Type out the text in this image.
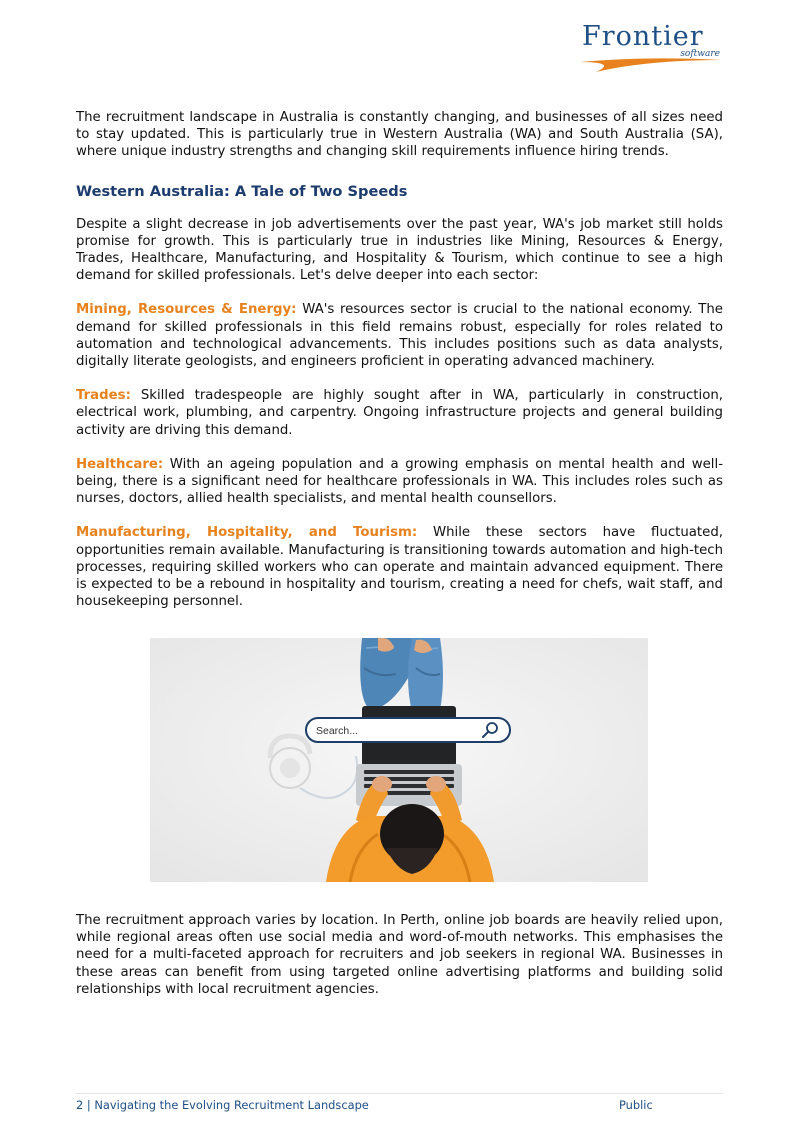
Frontier
software

The recruitment landscape in Australia is constantly changing, and businesses of all sizes need to stay updated. This is particularly true in Western Australia (WA) and South Australia (SA), where unique industry strengths and changing skill requirements influence hiring trends.

Western Australia: A Tale of Two Speeds

Despite a slight decrease in job advertisements over the past year, WA's job market still holds promise for growth. This is particularly true in industries like Mining, Resources & Energy, Trades, Healthcare, Manufacturing, and Hospitality & Tourism, which continue to see a high demand for skilled professionals. Let's delve deeper into each sector:

Mining, Resources & Energy: WA's resources sector is crucial to the national economy. The demand for skilled professionals in this field remains robust, especially for roles related to automation and technological advancements. This includes positions such as data analysts, digitally literate geologists, and engineers proficient in operating advanced machinery.

Trades: Skilled tradespeople are highly sought after in WA, particularly in construction, electrical work, plumbing, and carpentry. Ongoing infrastructure projects and general building activity are driving this demand.

Healthcare: With an ageing population and a growing emphasis on mental health and well-being, there is a significant need for healthcare professionals in WA. This includes roles such as nurses, doctors, allied health specialists, and mental health counsellors.

Manufacturing, Hospitality, and Tourism: While these sectors have fluctuated, opportunities remain available. Manufacturing is transitioning towards automation and high-tech processes, requiring skilled workers who can operate and maintain advanced equipment. There is expected to be a rebound in hospitality and tourism, creating a need for chefs, wait staff, and housekeeping personnel.

Search...

The recruitment approach varies by location. In Perth, online job boards are heavily relied upon, while regional areas often use social media and word-of-mouth networks. This emphasises the need for a multi-faceted approach for recruiters and job seekers in regional WA. Businesses in these areas can benefit from using targeted online advertising platforms and building solid relationships with local recruitment agencies.

2 | Navigating the Evolving Recruitment Landscape	Public
